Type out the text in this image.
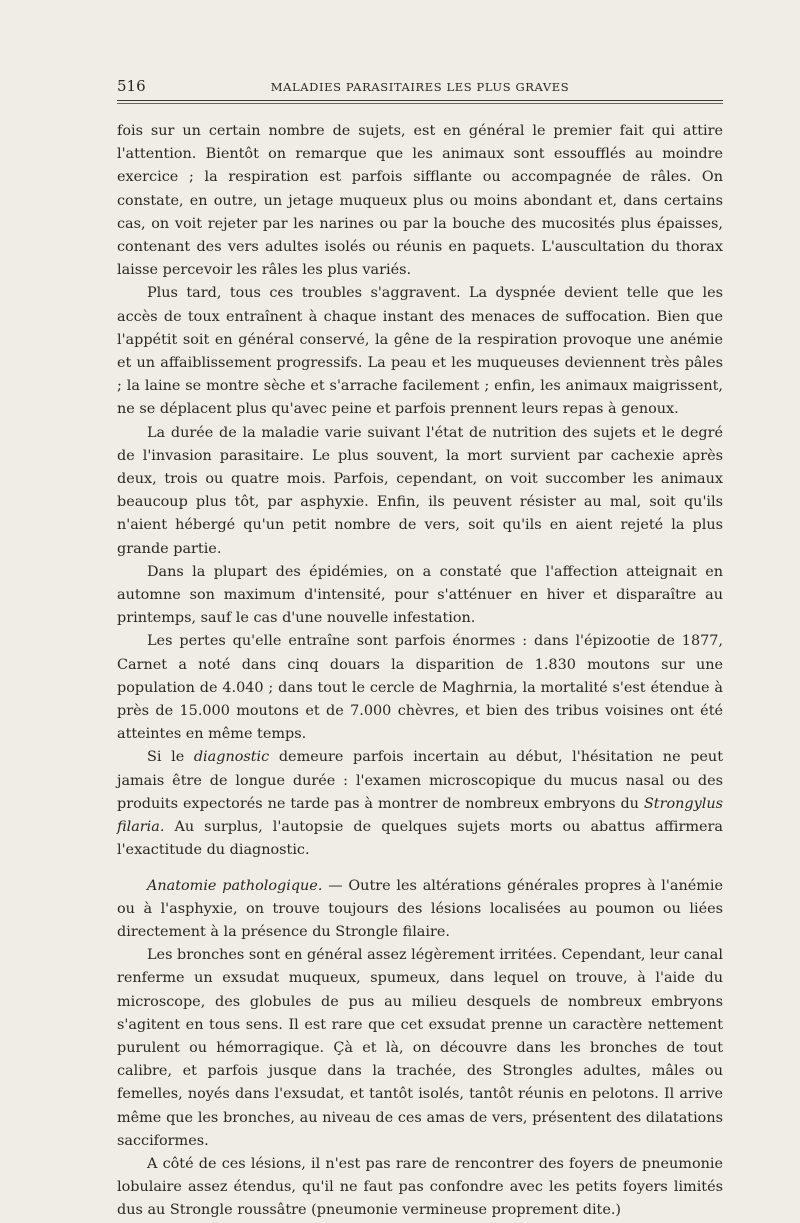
516	MALADIES PARASITAIRES LES PLUS GRAVES

fois sur un certain nombre de sujets, est en général le premier fait qui attire l'attention. Bientôt on remarque que les animaux sont essoufflés au moindre exercice ; la respiration est parfois sifflante ou accompagnée de râles. On constate, en outre, un jetage muqueux plus ou moins abondant et, dans certains cas, on voit rejeter par les narines ou par la bouche des mucosités plus épaisses, contenant des vers adultes isolés ou réunis en paquets. L'auscultation du thorax laisse percevoir les râles les plus variés.

Plus tard, tous ces troubles s'aggravent. La dyspnée devient telle que les accès de toux entraînent à chaque instant des menaces de suffocation. Bien que l'appétit soit en général conservé, la gêne de la respiration provoque une anémie et un affaiblissement progressifs. La peau et les muqueuses deviennent très pâles ; la laine se montre sèche et s'arrache facilement ; enfin, les animaux maigrissent, ne se déplacent plus qu'avec peine et parfois prennent leurs repas à genoux.

La durée de la maladie varie suivant l'état de nutrition des sujets et le degré de l'invasion parasitaire. Le plus souvent, la mort survient par cachexie après deux, trois ou quatre mois. Parfois, cependant, on voit succomber les animaux beaucoup plus tôt, par asphyxie. Enfin, ils peuvent résister au mal, soit qu'ils n'aient hébergé qu'un petit nombre de vers, soit qu'ils en aient rejeté la plus grande partie.

Dans la plupart des épidémies, on a constaté que l'affection atteignait en automne son maximum d'intensité, pour s'atténuer en hiver et disparaître au printemps, sauf le cas d'une nouvelle infestation.

Les pertes qu'elle entraîne sont parfois énormes : dans l'épizootie de 1877, Carnet a noté dans cinq douars la disparition de 1.830 moutons sur une population de 4.040 ; dans tout le cercle de Maghrnia, la mortalité s'est étendue à près de 15.000 moutons et de 7.000 chèvres, et bien des tribus voisines ont été atteintes en même temps.

Si le diagnostic demeure parfois incertain au début, l'hésitation ne peut jamais être de longue durée : l'examen microscopique du mucus nasal ou des produits expectorés ne tarde pas à montrer de nombreux embryons du Strongylus filaria. Au surplus, l'autopsie de quelques sujets morts ou abattus affirmera l'exactitude du diagnostic.

Anatomie pathologique. — Outre les altérations générales propres à l'anémie ou à l'asphyxie, on trouve toujours des lésions localisées au poumon ou liées directement à la présence du Strongle filaire.

Les bronches sont en général assez légèrement irritées. Cependant, leur canal renferme un exsudat muqueux, spumeux, dans lequel on trouve, à l'aide du microscope, des globules de pus au milieu desquels de nombreux embryons s'agitent en tous sens. Il est rare que cet exsudat prenne un caractère nettement purulent ou hémorragique. Çà et là, on découvre dans les bronches de tout calibre, et parfois jusque dans la trachée, des Strongles adultes, mâles ou femelles, noyés dans l'exsudat, et tantôt isolés, tantôt réunis en pelotons. Il arrive même que les bronches, au niveau de ces amas de vers, présentent des dilatations sacciformes.

A côté de ces lésions, il n'est pas rare de rencontrer des foyers de pneumonie lobulaire assez étendus, qu'il ne faut pas confondre avec les petits foyers limités dus au Strongle roussâtre (pneumonie vermineuse proprement dite.)
